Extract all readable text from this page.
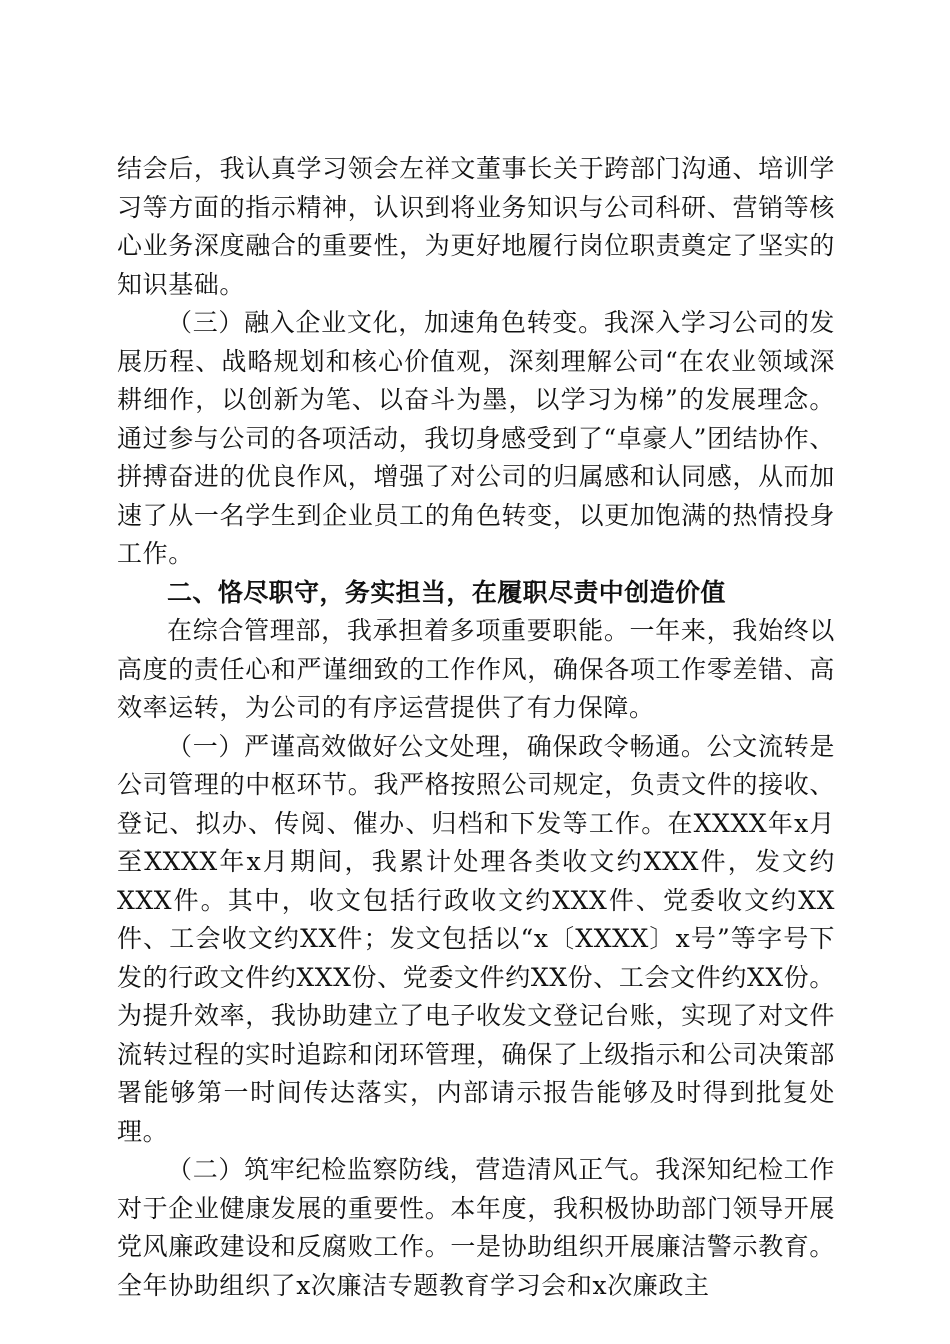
结会后，我认真学习领会左祥文董事长关于跨部门沟通、培训学习等方面的指示精神，认识到将业务知识与公司科研、营销等核心业务深度融合的重要性，为更好地履行岗位职责奠定了坚实的知识基础。

（三）融入企业文化，加速角色转变。我深入学习公司的发展历程、战略规划和核心价值观，深刻理解公司“在农业领域深耕细作，以创新为笔、以奋斗为墨，以学习为梯”的发展理念。通过参与公司的各项活动，我切身感受到了“卓豪人”团结协作、拼搏奋进的优良作风，增强了对公司的归属感和认同感，从而加速了从一名学生到企业员工的角色转变，以更加饱满的热情投身工作。

二、恪尽职守，务实担当，在履职尽责中创造价值

在综合管理部，我承担着多项重要职能。一年来，我始终以高度的责任心和严谨细致的工作作风，确保各项工作零差错、高效率运转，为公司的有序运营提供了有力保障。

（一）严谨高效做好公文处理，确保政令畅通。公文流转是公司管理的中枢环节。我严格按照公司规定，负责文件的接收、登记、拟办、传阅、催办、归档和下发等工作。在XXXX年x月至XXXX年x月期间，我累计处理各类收文约XXX件，发文约XXX件。其中，收文包括行政收文约XXX件、党委收文约XX件、工会收文约XX件；发文包括以“x〔XXXX〕x号”等字号下发的行政文件约XXX份、党委文件约XX份、工会文件约XX份。为提升效率，我协助建立了电子收发文登记台账，实现了对文件流转过程的实时追踪和闭环管理，确保了上级指示和公司决策部署能够第一时间传达落实，内部请示报告能够及时得到批复处理。

（二）筑牢纪检监察防线，营造清风正气。我深知纪检工作对于企业健康发展的重要性。本年度，我积极协助部门领导开展党风廉政建设和反腐败工作。一是协助组织开展廉洁警示教育。全年协助组织了x次廉洁专题教育学习会和x次廉政主
